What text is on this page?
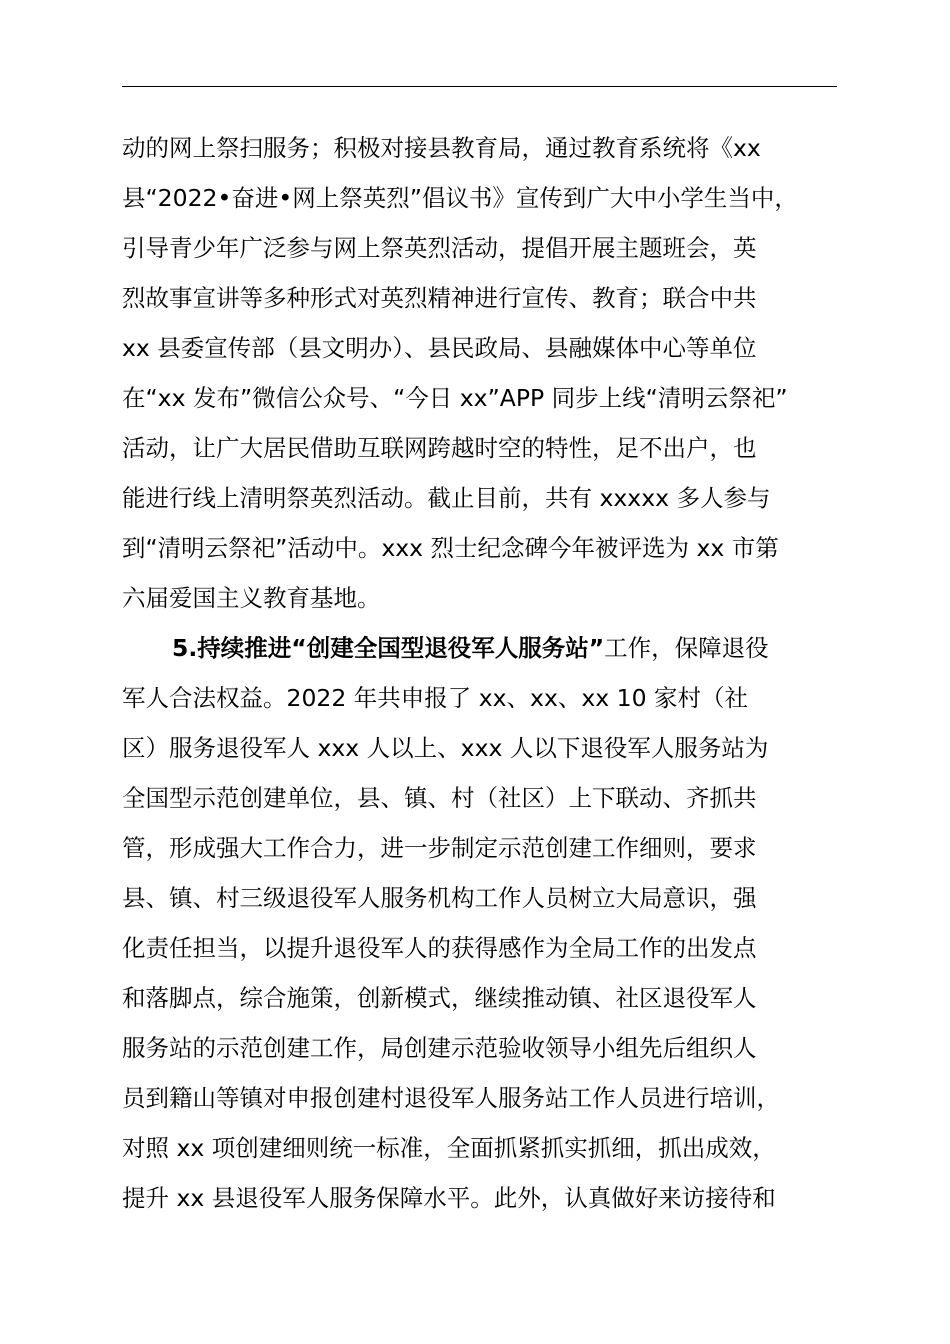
动的网上祭扫服务；积极对接县教育局，通过教育系统将《xx
县“2022•奋进•网上祭英烈”倡议书》宣传到广大中小学生当中，
引导青少年广泛参与网上祭英烈活动，提倡开展主题班会，英
烈故事宣讲等多种形式对英烈精神进行宣传、教育；联合中共
xx 县委宣传部（县文明办）、县民政局、县融媒体中心等单位
在“xx 发布”微信公众号、“今日 xx”APP 同步上线“清明云祭祀”
活动，让广大居民借助互联网跨越时空的特性，足不出户，也
能进行线上清明祭英烈活动。截止目前，共有 xxxxx 多人参与
到“清明云祭祀”活动中。xxx 烈士纪念碑今年被评选为 xx 市第
六届爱国主义教育基地。
5.持续推进“创建全国型退役军人服务站”工作，保障退役
军人合法权益。2022 年共申报了 xx、xx、xx 10 家村（社
区）服务退役军人 xxx 人以上、xxx 人以下退役军人服务站为
全国型示范创建单位，县、镇、村（社区）上下联动、齐抓共
管，形成强大工作合力，进一步制定示范创建工作细则，要求
县、镇、村三级退役军人服务机构工作人员树立大局意识，强
化责任担当，以提升退役军人的获得感作为全局工作的出发点
和落脚点，综合施策，创新模式，继续推动镇、社区退役军人
服务站的示范创建工作，局创建示范验收领导小组先后组织人
员到籍山等镇对申报创建村退役军人服务站工作人员进行培训，
对照 xx 项创建细则统一标准，全面抓紧抓实抓细，抓出成效，
提升 xx 县退役军人服务保障水平。此外，认真做好来访接待和
